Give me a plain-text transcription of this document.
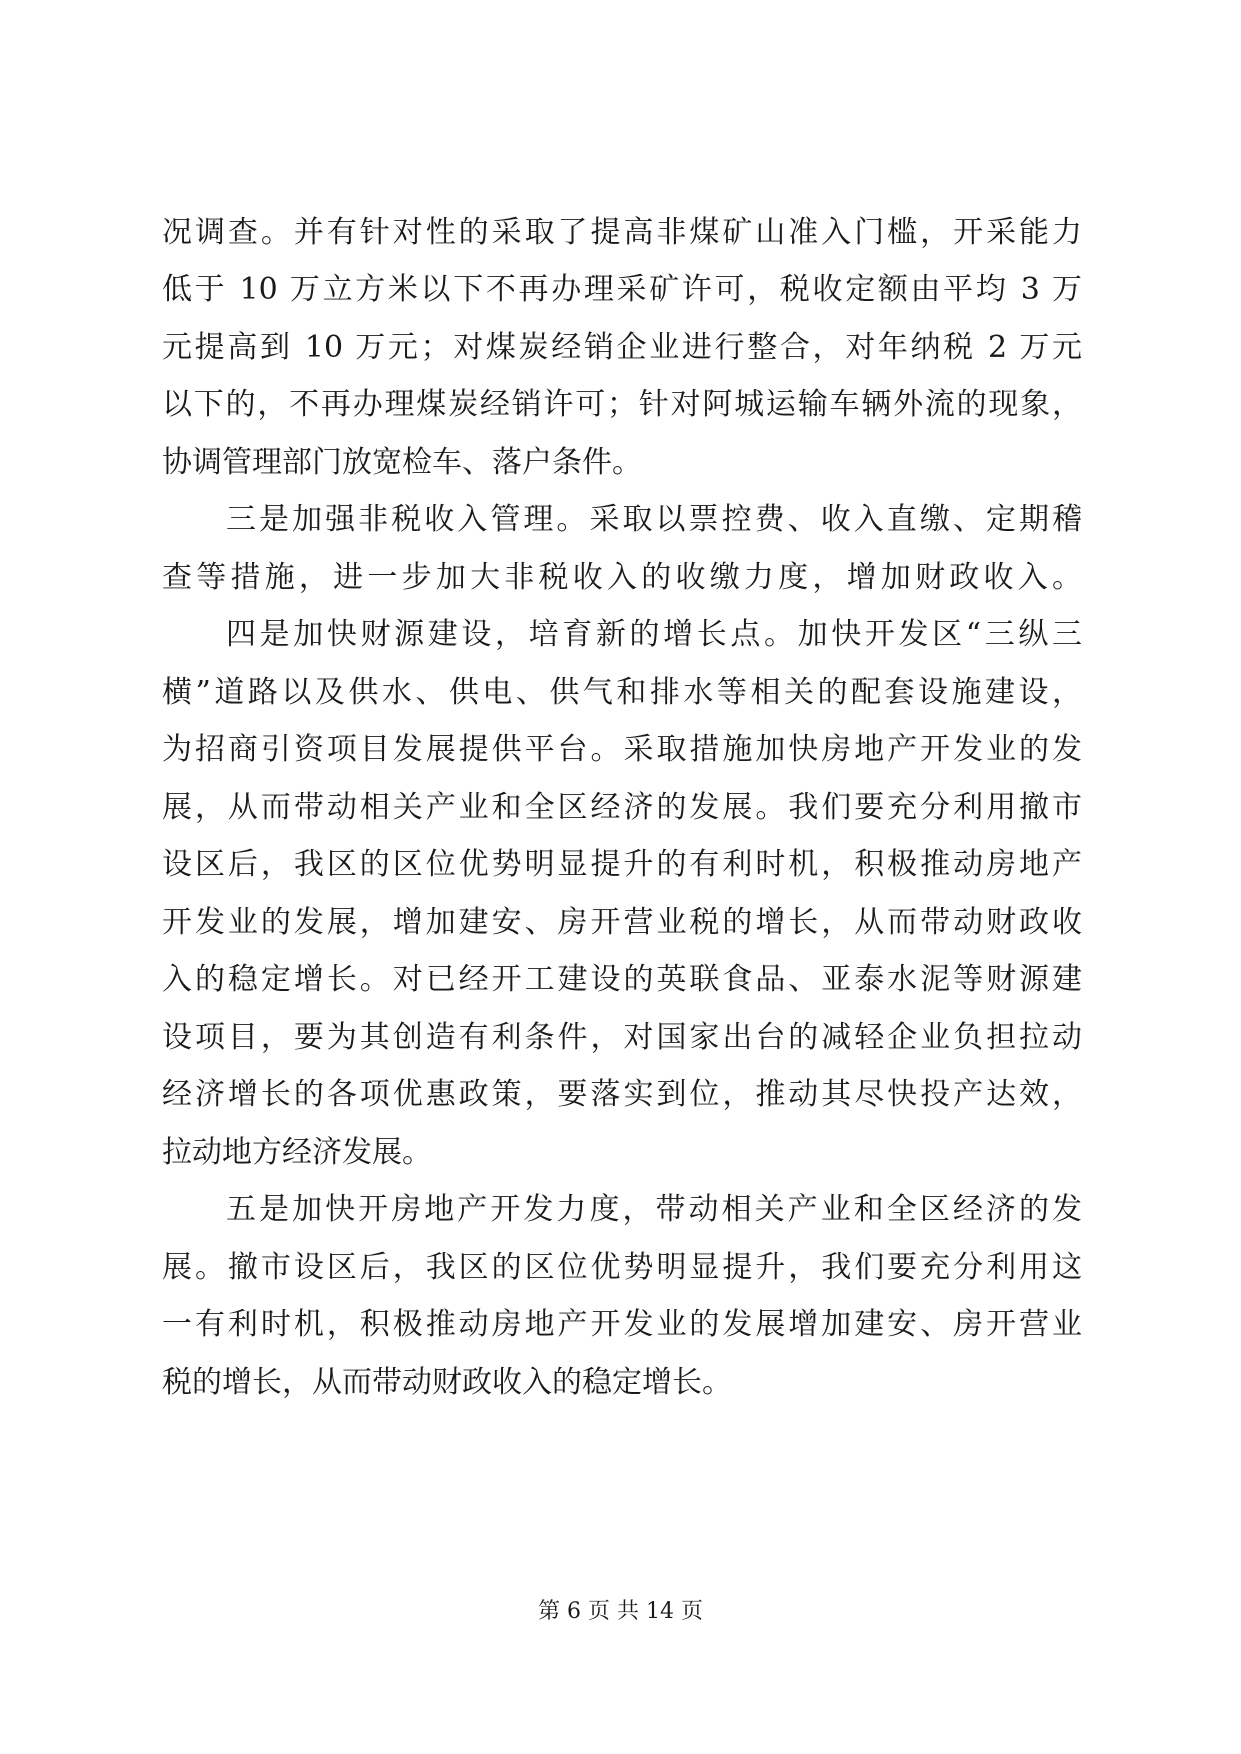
况调查。并有针对性的采取了提高非煤矿山准入门槛，开采能力
低于 10 万立方米以下不再办理采矿许可，税收定额由平均 3 万
元提高到 10 万元；对煤炭经销企业进行整合，对年纳税 2 万元
以下的，不再办理煤炭经销许可；针对阿城运输车辆外流的现象，
协调管理部门放宽检车、落户条件。
三是加强非税收入管理。采取以票控费、收入直缴、定期稽
查等措施，进一步加大非税收入的收缴力度，增加财政收入。
四是加快财源建设，培育新的增长点。加快开发区“三纵三
横”道路以及供水、供电、供气和排水等相关的配套设施建设，
为招商引资项目发展提供平台。采取措施加快房地产开发业的发
展，从而带动相关产业和全区经济的发展。我们要充分利用撤市
设区后，我区的区位优势明显提升的有利时机，积极推动房地产
开发业的发展，增加建安、房开营业税的增长，从而带动财政收
入的稳定增长。对已经开工建设的英联食品、亚泰水泥等财源建
设项目，要为其创造有利条件，对国家出台的减轻企业负担拉动
经济增长的各项优惠政策，要落实到位，推动其尽快投产达效，
拉动地方经济发展。
五是加快开房地产开发力度，带动相关产业和全区经济的发
展。撤市设区后，我区的区位优势明显提升，我们要充分利用这
一有利时机，积极推动房地产开发业的发展增加建安、房开营业
税的增长，从而带动财政收入的稳定增长。
第 6 页 共 14 页
